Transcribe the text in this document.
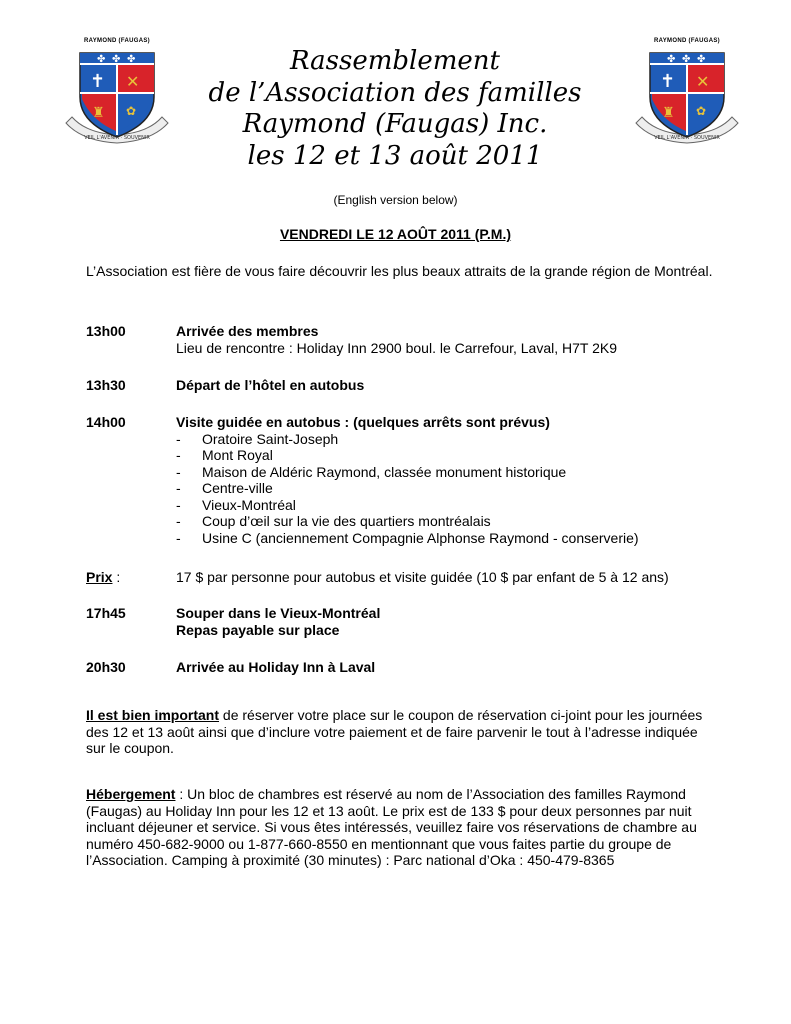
RAYMOND (FAUGAS)
✤ ✤ ✤
✝ ✕
♜ ✿
VEIL L'AVENIR · SOUVENIR
RAYMOND (FAUGAS)
✤ ✤ ✤
✝ ✕
♜ ✿
VEIL L'AVENIR · SOUVENIR
Rassemblement
de l’Association des familles
Raymond (Faugas) Inc.
les 12 et 13 août 2011
(English version below)
VENDREDI LE 12 AOÛT 2011 (P.M.)
L’Association est fière de vous faire découvrir les plus beaux attraits de la grande région de Montréal.
13h00	Arrivée des membres
Lieu de rencontre : Holiday Inn 2900 boul. le Carrefour, Laval, H7T 2K9
13h30	Départ de l’hôtel en autobus
14h00	Visite guidée en autobus : (quelques arrêts sont prévus)
- Oratoire Saint-Joseph
- Mont Royal
- Maison de Aldéric Raymond, classée monument historique
- Centre-ville
- Vieux-Montréal
- Coup d’œil sur la vie des quartiers montréalais
- Usine C (anciennement Compagnie Alphonse Raymond - conserverie)
Prix :	17 $ par personne pour autobus et visite guidée (10 $ par enfant de 5 à 12 ans)
17h45	Souper dans le Vieux-Montréal
Repas payable sur place
20h30	Arrivée au Holiday Inn à Laval
Il est bien important de réserver votre place sur le coupon de réservation ci-joint pour les journées des 12 et 13 août ainsi que d’inclure votre paiement et de faire parvenir le tout à l’adresse indiquée sur le coupon.
Hébergement : Un bloc de chambres est réservé au nom de l’Association des familles Raymond (Faugas) au Holiday Inn pour les 12 et 13 août. Le prix est de 133 $ pour deux personnes par nuit incluant déjeuner et service. Si vous êtes intéressés, veuillez faire vos réservations de chambre au numéro 450-682-9000 ou 1-877-660-8550 en mentionnant que vous faites partie du groupe de l’Association. Camping à proximité (30 minutes) : Parc national d’Oka : 450-479-8365
